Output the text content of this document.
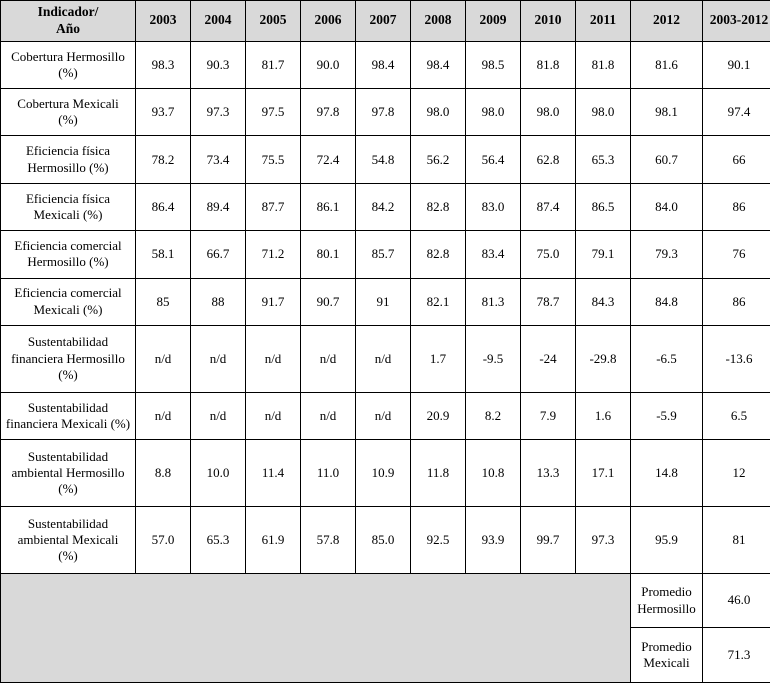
Indicador/
Año	2003	2004	2005	2006	2007	2008	2009	2010	2011	2012	2003-2012
Cobertura Hermosillo
(%)	98.3	90.3	81.7	90.0	98.4	98.4	98.5	81.8	81.8	81.6	90.1
Cobertura Mexicali
(%)	93.7	97.3	97.5	97.8	97.8	98.0	98.0	98.0	98.0	98.1	97.4
Eficiencia física
Hermosillo (%)	78.2	73.4	75.5	72.4	54.8	56.2	56.4	62.8	65.3	60.7	66
Eficiencia física
Mexicali (%)	86.4	89.4	87.7	86.1	84.2	82.8	83.0	87.4	86.5	84.0	86
Eficiencia comercial
Hermosillo (%)	58.1	66.7	71.2	80.1	85.7	82.8	83.4	75.0	79.1	79.3	76
Eficiencia comercial
Mexicali (%)	85	88	91.7	90.7	91	82.1	81.3	78.7	84.3	84.8	86
Sustentabilidad
financiera Hermosillo
(%)	n/d	n/d	n/d	n/d	n/d	1.7	-9.5	-24	-29.8	-6.5	-13.6
Sustentabilidad
financiera Mexicali (%)	n/d	n/d	n/d	n/d	n/d	20.9	8.2	7.9	1.6	-5.9	6.5
Sustentabilidad
ambiental Hermosillo
(%)	8.8	10.0	11.4	11.0	10.9	11.8	10.8	13.3	17.1	14.8	12
Sustentabilidad
ambiental Mexicali
(%)	57.0	65.3	61.9	57.8	85.0	92.5	93.9	99.7	97.3	95.9	81
										Promedio
Hermosillo	46.0
										Promedio
Mexicali	71.3
